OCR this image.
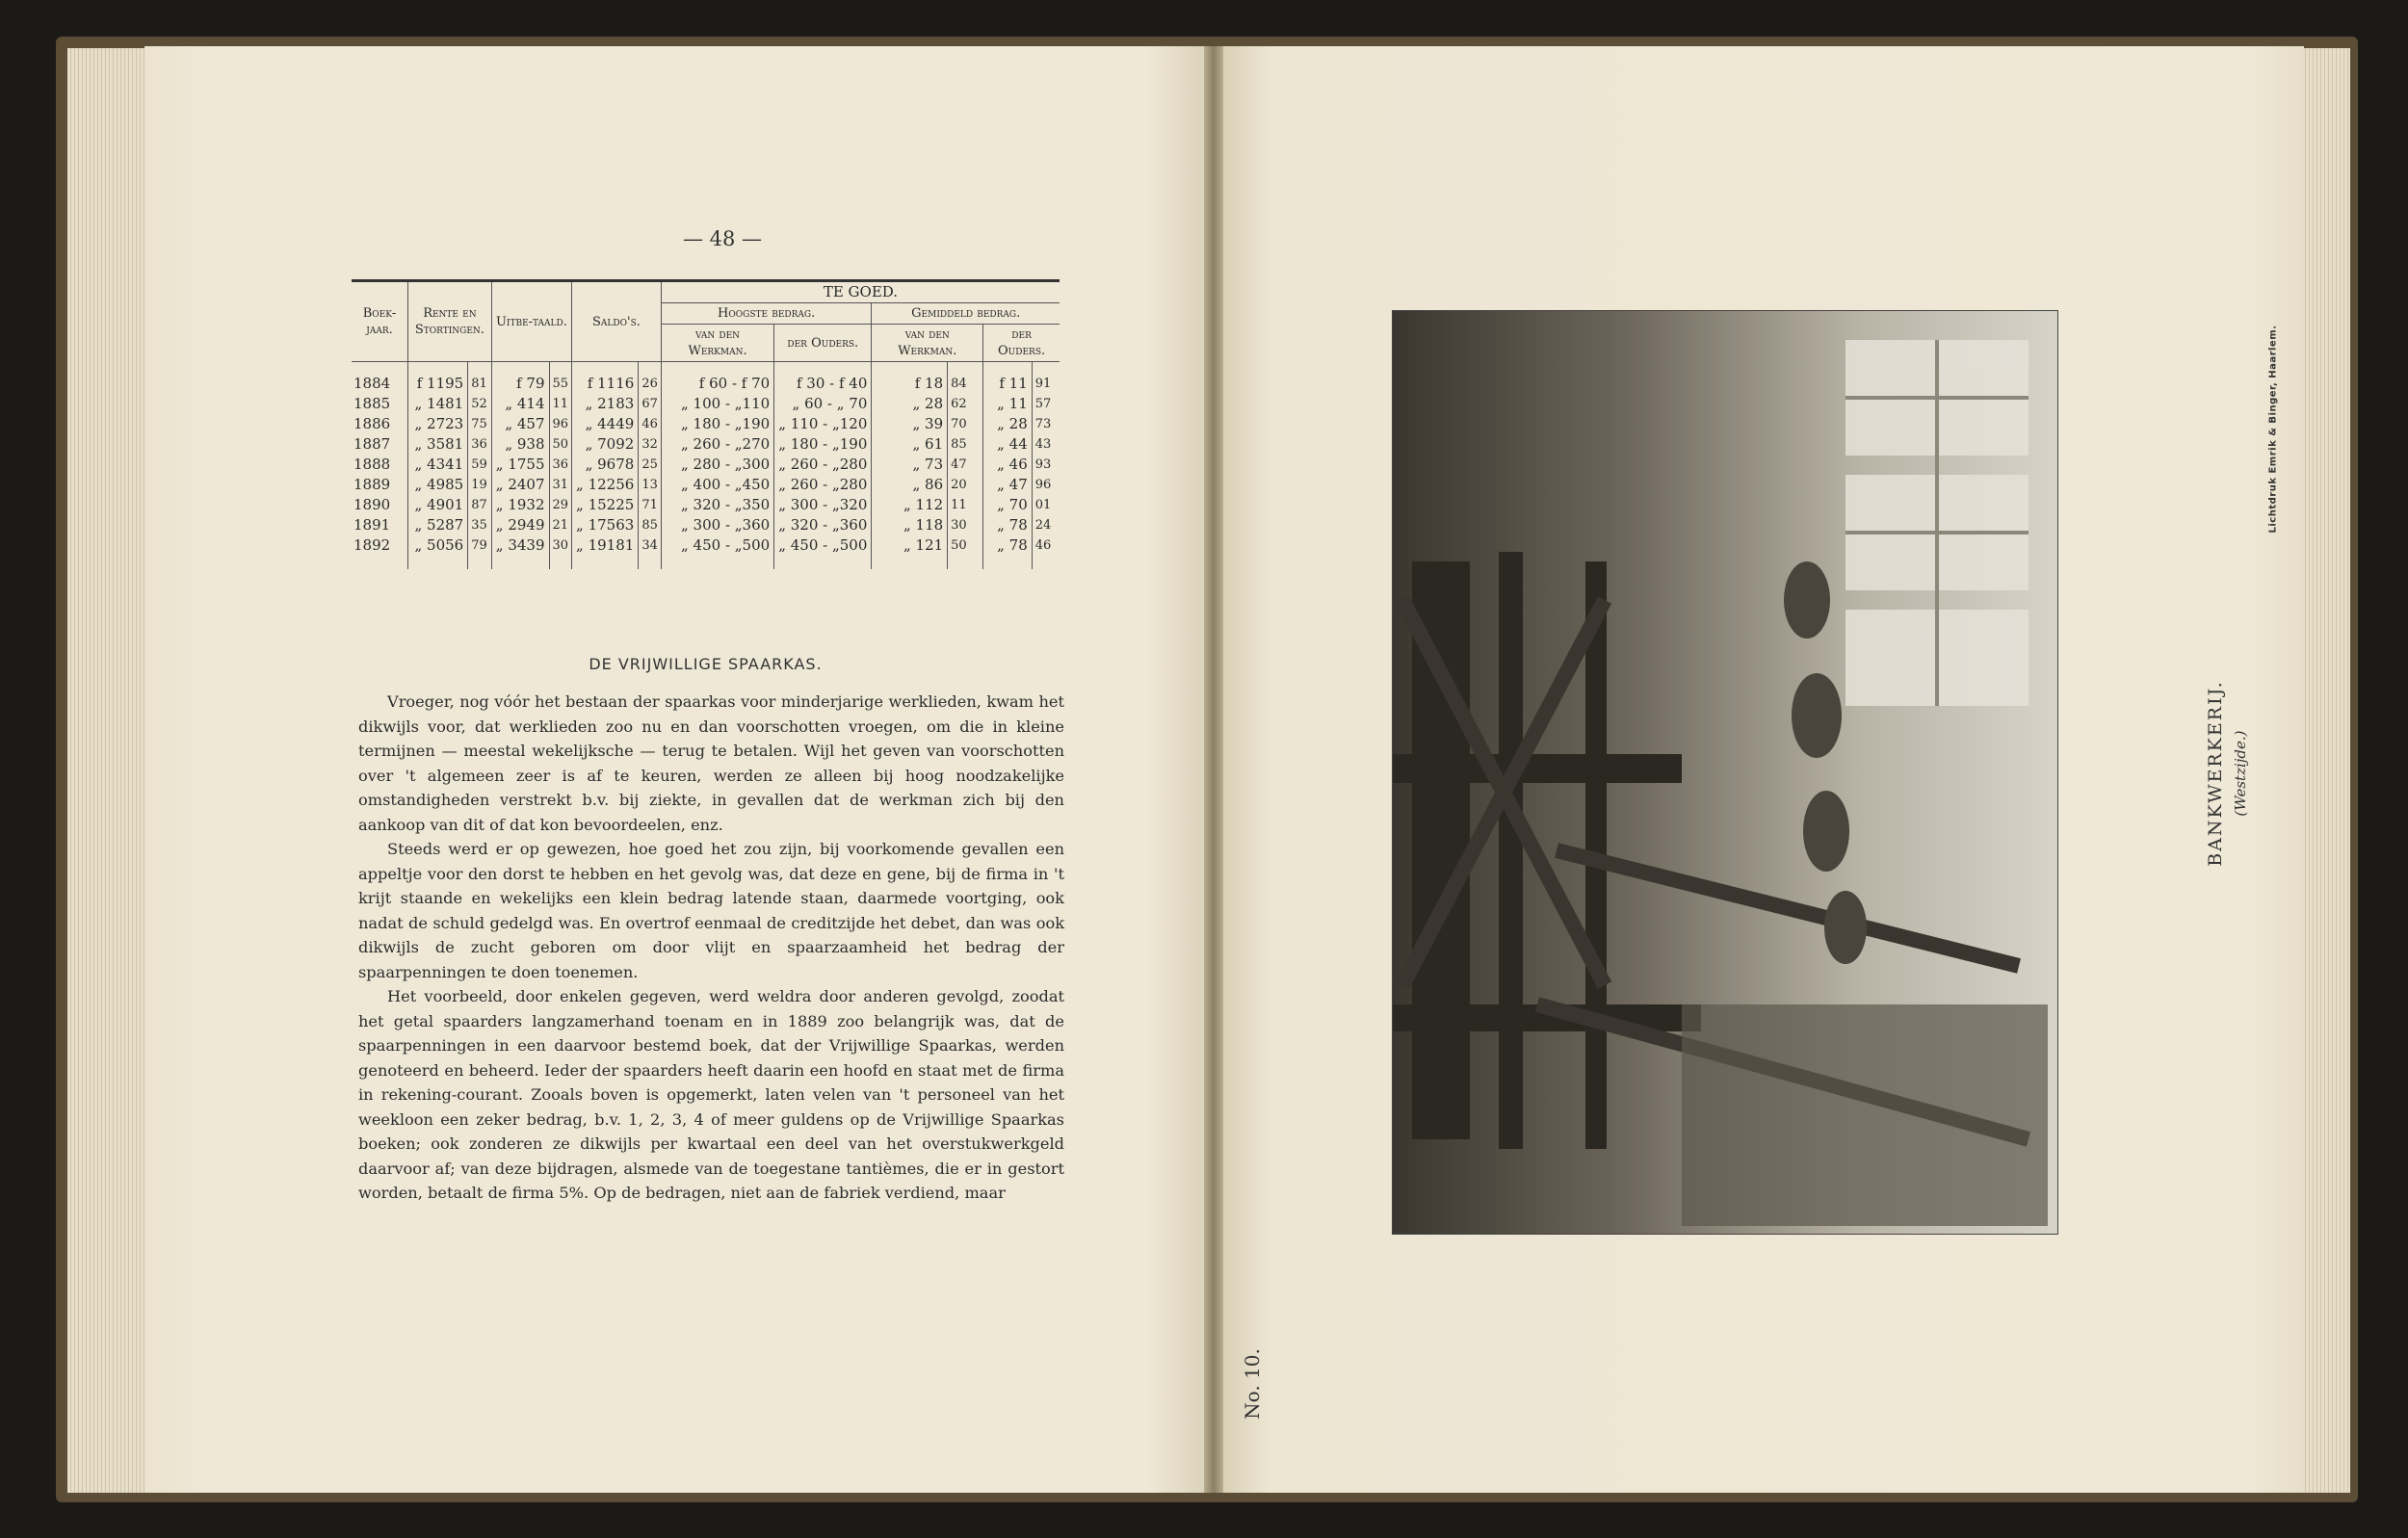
— 48 —
Boek-jaar.	Rente en Stortingen.		Uitbe-taald.		Saldo's.		TE GOED.					
							Hoogste bedrag.		Gemiddeld bedrag.			
							van den Werkman.	der Ouders.	van den Werkman.		der Ouders.	

1884	f 1195	81	f 79	55	f 1116	26	f 60 - f 70	f 30 - f 40	f 18	84	f 11	91
1885	„ 1481	52	„ 414	11	„ 2183	67	„ 100 - „110	„ 60 - „ 70	„ 28	62	„ 11	57
1886	„ 2723	75	„ 457	96	„ 4449	46	„ 180 - „190	„ 110 - „120	„ 39	70	„ 28	73
1887	„ 3581	36	„ 938	50	„ 7092	32	„ 260 - „270	„ 180 - „190	„ 61	85	„ 44	43
1888	„ 4341	59	„ 1755	36	„ 9678	25	„ 280 - „300	„ 260 - „280	„ 73	47	„ 46	93
1889	„ 4985	19	„ 2407	31	„ 12256	13	„ 400 - „450	„ 260 - „280	„ 86	20	„ 47	96
1890	„ 4901	87	„ 1932	29	„ 15225	71	„ 320 - „350	„ 300 - „320	„ 112	11	„ 70	01
1891	„ 5287	35	„ 2949	21	„ 17563	85	„ 300 - „360	„ 320 - „360	„ 118	30	„ 78	24
1892	„ 5056	79	„ 3439	30	„ 19181	34	„ 450 - „500	„ 450 - „500	„ 121	50	„ 78	46

DE VRIJWILLIGE SPAARKAS.

Vroeger, nog vóór het bestaan der spaarkas voor minderjarige werklieden, kwam het dikwijls voor, dat werklieden zoo nu en dan voorschotten vroegen, om die in kleine termijnen — meestal wekelijksche — terug te betalen. Wijl het geven van voorschotten over 't algemeen zeer is af te keuren, werden ze alleen bij hoog noodzakelijke omstandigheden verstrekt b.v. bij ziekte, in gevallen dat de werkman zich bij den aankoop van dit of dat kon bevoordeelen, enz.

Steeds werd er op gewezen, hoe goed het zou zijn, bij voorkomende gevallen een appeltje voor den dorst te hebben en het gevolg was, dat deze en gene, bij de firma in 't krijt staande en wekelijks een klein bedrag latende staan, daarmede voortging, ook nadat de schuld gedelgd was. En overtrof eenmaal de creditzijde het debet, dan was ook dikwijls de zucht geboren om door vlijt en spaarzaamheid het bedrag der spaarpenningen te doen toenemen.

Het voorbeeld, door enkelen gegeven, werd weldra door anderen gevolgd, zoodat het getal spaarders langzamerhand toenam en in 1889 zoo belangrijk was, dat de spaarpenningen in een daarvoor bestemd boek, dat der Vrijwillige Spaarkas, werden genoteerd en beheerd. Ieder der spaarders heeft daarin een hoofd en staat met de firma in rekening-courant. Zooals boven is opgemerkt, laten velen van 't personeel van het weekloon een zeker bedrag, b.v. 1, 2, 3, 4 of meer guldens op de Vrijwillige Spaarkas boeken; ook zonderen ze dikwijls per kwartaal een deel van het overstukwerkgeld daarvoor af; van deze bijdragen, alsmede van de toegestane tantièmes, die er in gestort worden, betaalt de firma 5%. Op de bedragen, niet aan de fabriek verdiend, maar

Lichtdruk Emrik & Binger, Haarlem.
BANKWERKERIJ. (Westzijde.)
No. 10.
